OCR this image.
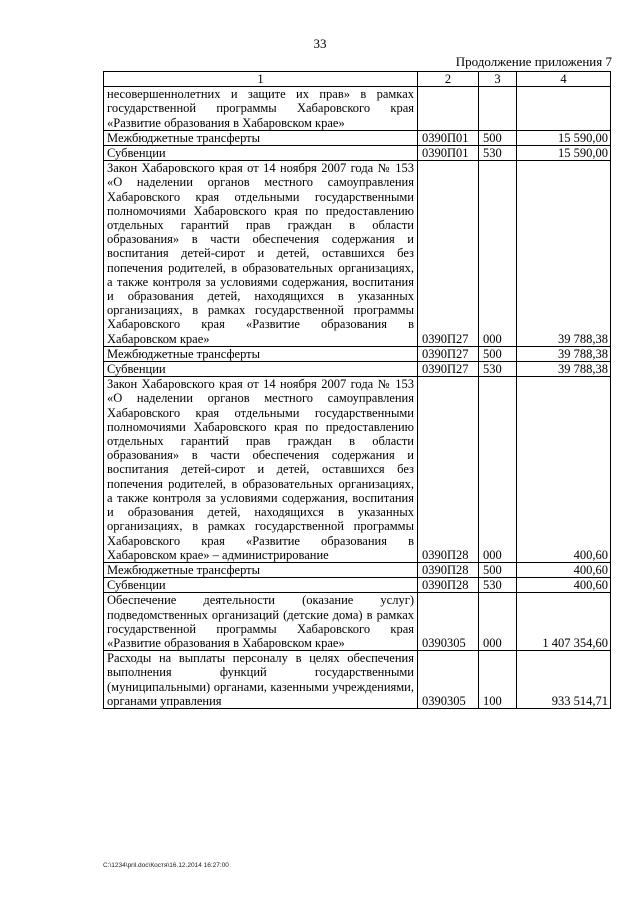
33
Продолжение приложения 7
1	2	3	4
несовершеннолетних и защите их прав» в рамках государственной программы Хабаровского края «Развитие образования в Хабаровском крае»			
Межбюджетные трансферты	0390П01	500	15 590,00
Субвенции	0390П01	530	15 590,00
Закон Хабаровского края от 14 ноября 2007 года № 153 «О наделении органов местного самоуправления Хабаровского края отдельными государственными полномочиями Хабаровского края по предоставлению отдельных гарантий прав граждан в области образования» в части обеспечения содержания и воспитания детей-сирот и детей, оставшихся без попечения родителей, в образовательных организациях, а также контроля за условиями содержания, воспитания и образования детей, находящихся в указанных организациях, в рамках государственной программы Хабаровского края «Развитие образования в Хабаровском крае»	0390П27	000	39 788,38
Межбюджетные трансферты	0390П27	500	39 788,38
Субвенции	0390П27	530	39 788,38
Закон Хабаровского края от 14 ноября 2007 года № 153 «О наделении органов местного самоуправления Хабаровского края отдельными государственными полномочиями Хабаровского края по предоставлению отдельных гарантий прав граждан в области образования» в части обеспечения содержания и воспитания детей-сирот и детей, оставшихся без попечения родителей, в образовательных организациях, а также контроля за условиями содержания, воспитания и образования детей, находящихся в указанных организациях, в рамках государственной программы Хабаровского края «Развитие образования в Хабаровском крае» – администрирование	0390П28	000	400,60
Межбюджетные трансферты	0390П28	500	400,60
Субвенции	0390П28	530	400,60
Обеспечение деятельности (оказание услуг) подведомственных организаций (детские дома) в рамках государственной программы Хабаровского края «Развитие образования в Хабаровском крае»	0390305	000	1 407 354,60
Расходы на выплаты персоналу в целях обеспечения выполнения функций государственными (муниципальными) органами, казенными учреждениями, органами управления	0390305	100	933 514,71
C:\1234\pril.doc\Костя\16.12.2014 16:27:00
